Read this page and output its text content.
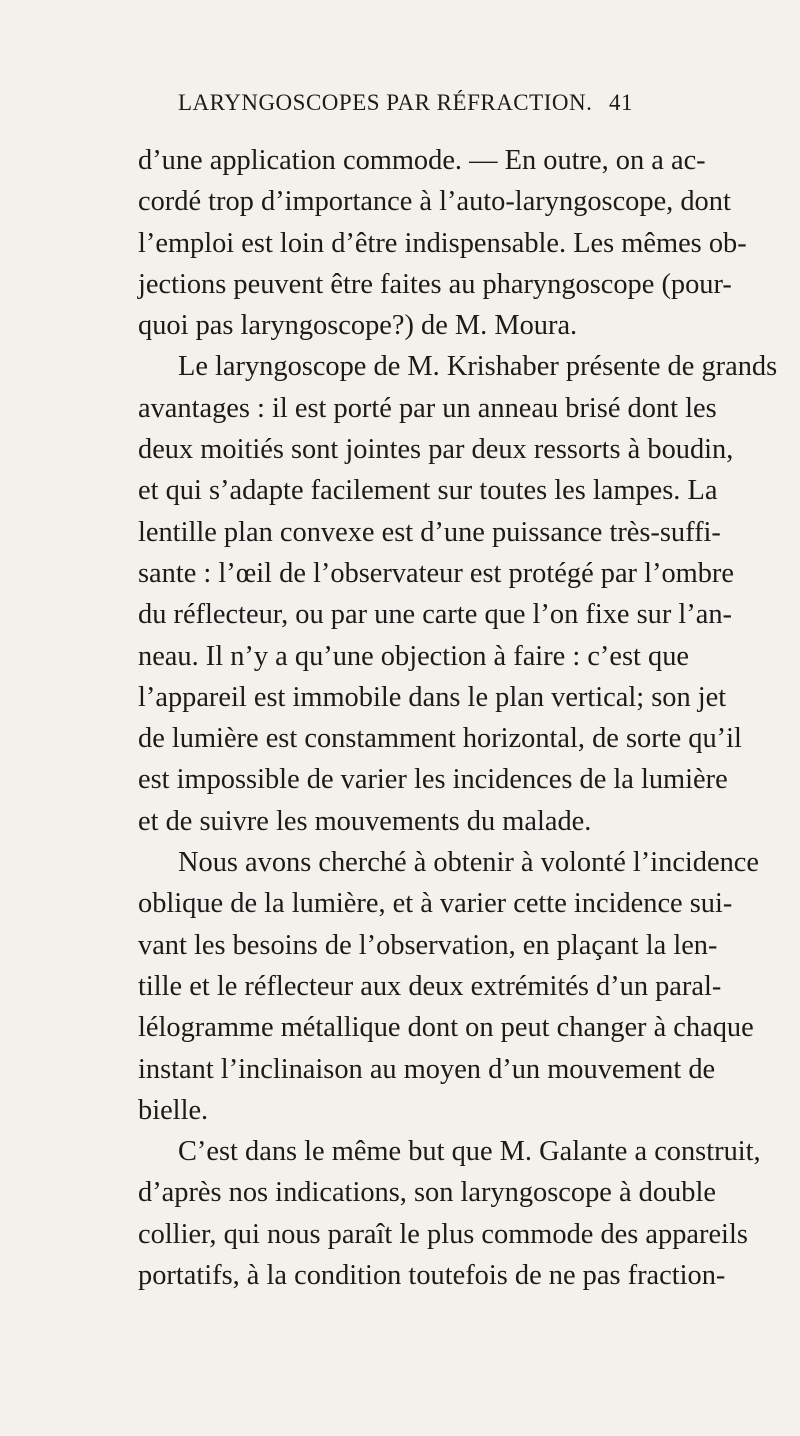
LARYNGOSCOPES PAR RÉFRACTION. 41
d’une application commode. — En outre, on a ac-
cordé trop d’importance à l’auto-laryngoscope, dont
l’emploi est loin d’être indispensable. Les mêmes ob-
jections peuvent être faites au pharyngoscope (pour-
quoi pas laryngoscope?) de M. Moura.
Le laryngoscope de M. Krishaber présente de grands
avantages : il est porté par un anneau brisé dont les
deux moitiés sont jointes par deux ressorts à boudin,
et qui s’adapte facilement sur toutes les lampes. La
lentille plan convexe est d’une puissance très-suffi-
sante : l’œil de l’observateur est protégé par l’ombre
du réflecteur, ou par une carte que l’on fixe sur l’an-
neau. Il n’y a qu’une objection à faire : c’est que
l’appareil est immobile dans le plan vertical; son jet
de lumière est constamment horizontal, de sorte qu’il
est impossible de varier les incidences de la lumière
et de suivre les mouvements du malade.
Nous avons cherché à obtenir à volonté l’incidence
oblique de la lumière, et à varier cette incidence sui-
vant les besoins de l’observation, en plaçant la len-
tille et le réflecteur aux deux extrémités d’un paral-
lélogramme métallique dont on peut changer à chaque
instant l’inclinaison au moyen d’un mouvement de
bielle.
C’est dans le même but que M. Galante a construit,
d’après nos indications, son laryngoscope à double
collier, qui nous paraît le plus commode des appareils
portatifs, à la condition toutefois de ne pas fraction-
